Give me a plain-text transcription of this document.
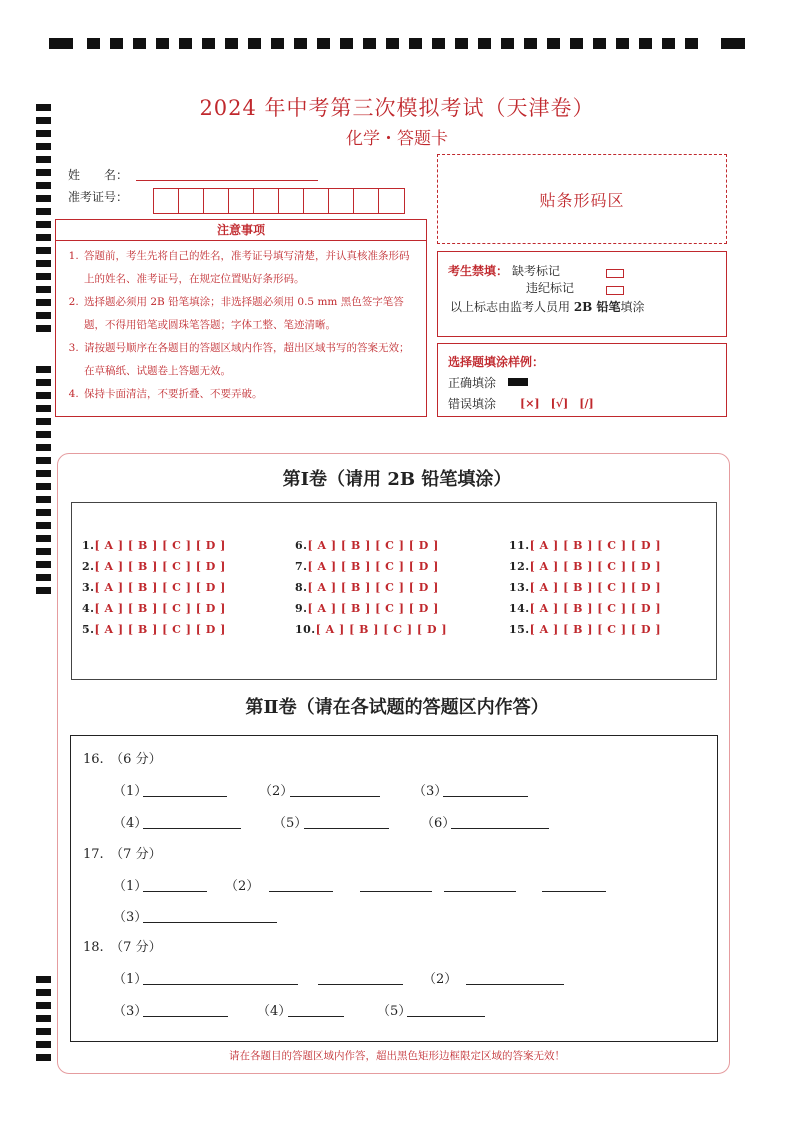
2024 年中考第三次模拟考试（天津卷）
化学・答题卡
姓　　名：
准考证号：	贴条形码区
注意事项
1. 答题前，考生先将自己的姓名，准考证号填写清楚，并认真核准条形码上的姓名、准考证号，在规定位置贴好条形码。
2. 选择题必须用 2B 铅笔填涂；非选择题必须用 0.5 mm 黑色签字笔答题，不得用铅笔或圆珠笔答题；字体工整、笔迹清晰。
3. 请按题号顺序在各题目的答题区域内作答，超出区域书写的答案无效；在草稿纸、试题卷上答题无效。
4. 保持卡面清洁，不要折叠、不要弄破。
考生禁填： 缺考标记
违纪标记
以上标志由监考人员用 2B 铅笔填涂
选择题填涂样例：
正确填涂
错误填涂 [×]　[√]　[/]
第Ⅰ卷（请用 2B 铅笔填涂）
1.[ A ] [ B ] [ C ] [ D ]
2.[ A ] [ B ] [ C ] [ D ]
3.[ A ] [ B ] [ C ] [ D ]
4.[ A ] [ B ] [ C ] [ D ]
5.[ A ] [ B ] [ C ] [ D ]
6.[ A ] [ B ] [ C ] [ D ]
7.[ A ] [ B ] [ C ] [ D ]
8.[ A ] [ B ] [ C ] [ D ]
9.[ A ] [ B ] [ C ] [ D ]
10.[ A ] [ B ] [ C ] [ D ]
11.[ A ] [ B ] [ C ] [ D ]
12.[ A ] [ B ] [ C ] [ D ]
13.[ A ] [ B ] [ C ] [ D ]
14.[ A ] [ B ] [ C ] [ D ]
15.[ A ] [ B ] [ C ] [ D ]
第Ⅱ卷（请在各试题的答题区内作答）
16.　（6 分）
（1）	（2）	（3）
（4）	（5）	（6）
17.　（7 分）
（1）	（2）
（3）
18.　（7 分）
（1）	（2）
（3）	（4）	（5）
请在各题目的答题区域内作答，超出黑色矩形边框限定区域的答案无效！
